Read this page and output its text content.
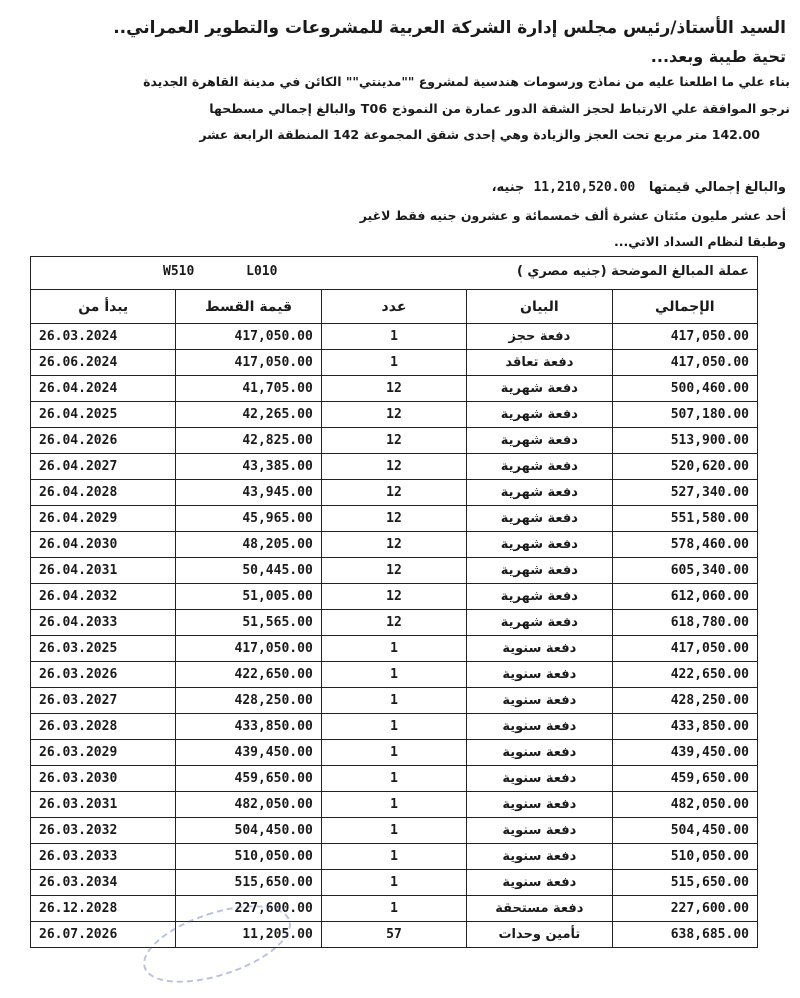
السيد الأستاذ/رئيس مجلس إدارة الشركة العربية للمشروعات والتطوير العمراني..
تحية طيبة وبعد...
بناء علي ما اطلعنا عليه من نماذج ورسومات هندسية لمشروع ""مدينتي"" الكائن في مدينة القاهرة الجديدة
نرجو الموافقة علي الارتباط لحجز الشقة الدور عمارة من النموذج T06 والبالغ إجمالي مسطحها
142.00 متر مربع تحت العجز والزيادة وهي إحدى شقق المجموعة 142 المنطقة الرابعة عشر
والبالغ إجمالي قيمتها   11,210,520.00  جنيه،
أحد عشر مليون مئتان عشرة ألف خمسمائة و عشرون جنيه فقط لاغير
وطبقا لنظام السداد الاتي...
W510 L010 عملة المبالغ الموضحة (جنيه مصري )				

يبدأ من	قيمة القسط	عدد	البيان	الإجمالي
26.03.2024	417,050.00	1	دفعة حجز	417,050.00
26.06.2024	417,050.00	1	دفعة تعاقد	417,050.00
26.04.2024	41,705.00	12	دفعة شهرية	500,460.00
26.04.2025	42,265.00	12	دفعة شهرية	507,180.00
26.04.2026	42,825.00	12	دفعة شهرية	513,900.00
26.04.2027	43,385.00	12	دفعة شهرية	520,620.00
26.04.2028	43,945.00	12	دفعة شهرية	527,340.00
26.04.2029	45,965.00	12	دفعة شهرية	551,580.00
26.04.2030	48,205.00	12	دفعة شهرية	578,460.00
26.04.2031	50,445.00	12	دفعة شهرية	605,340.00
26.04.2032	51,005.00	12	دفعة شهرية	612,060.00
26.04.2033	51,565.00	12	دفعة شهرية	618,780.00
26.03.2025	417,050.00	1	دفعة سنوية	417,050.00
26.03.2026	422,650.00	1	دفعة سنوية	422,650.00
26.03.2027	428,250.00	1	دفعة سنوية	428,250.00
26.03.2028	433,850.00	1	دفعة سنوية	433,850.00
26.03.2029	439,450.00	1	دفعة سنوية	439,450.00
26.03.2030	459,650.00	1	دفعة سنوية	459,650.00
26.03.2031	482,050.00	1	دفعة سنوية	482,050.00
26.03.2032	504,450.00	1	دفعة سنوية	504,450.00
26.03.2033	510,050.00	1	دفعة سنوية	510,050.00
26.03.2034	515,650.00	1	دفعة سنوية	515,650.00
26.12.2028	227,600.00	1	دفعة مستحقة	227,600.00
26.07.2026	11,205.00	57	تأمين وحدات	638,685.00
